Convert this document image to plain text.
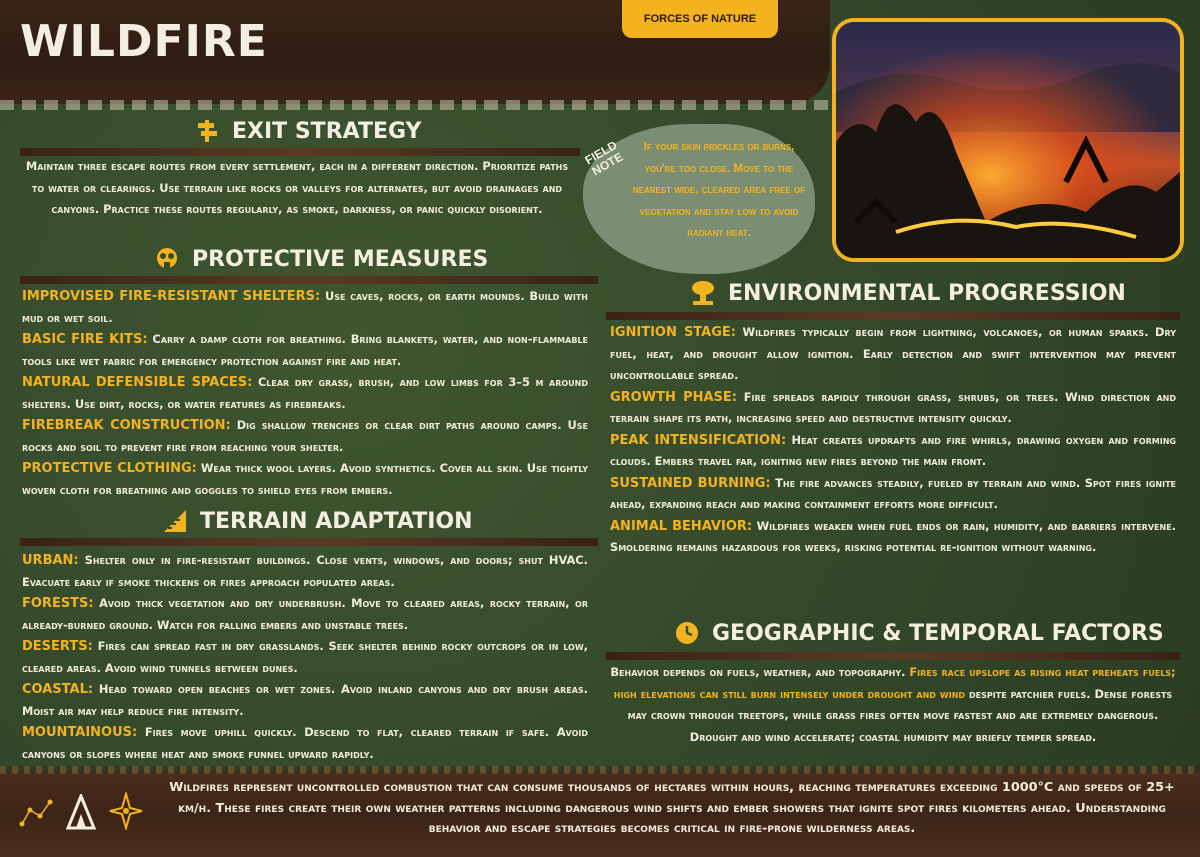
WILDFIRE	FORCES OF NATURE
EXIT STRATEGY
Maintain three escape routes from every settlement, each in a different direction. Prioritize paths to water or clearings. Use terrain like rocks or valleys for alternates, but avoid drainages and canyons. Practice these routes regularly, as smoke, darkness, or panic quickly disorient.
FIELD NOTE
If your skin prickles or burns, you're too close. Move to the nearest wide, cleared area free of vegetation and stay low to avoid radiant heat.
PROTECTIVE MEASURES

IMPROVISED FIRE-RESISTANT SHELTERS: Use caves, rocks, or earth mounds. Build with mud or wet soil.

BASIC FIRE KITS: Carry a damp cloth for breathing. Bring blankets, water, and non-flammable tools like wet fabric for emergency protection against fire and heat.

NATURAL DEFENSIBLE SPACES: Clear dry grass, brush, and low limbs for 3–5 m around shelters. Use dirt, rocks, or water features as firebreaks.

FIREBREAK CONSTRUCTION: Dig shallow trenches or clear dirt paths around camps. Use rocks and soil to prevent fire from reaching your shelter.

PROTECTIVE CLOTHING: Wear thick wool layers. Avoid synthetics. Cover all skin. Use tightly woven cloth for breathing and goggles to shield eyes from embers.

TERRAIN ADAPTATION

URBAN: Shelter only in fire-resistant buildings. Close vents, windows, and doors; shut HVAC. Evacuate early if smoke thickens or fires approach populated areas.

FORESTS: Avoid thick vegetation and dry underbrush. Move to cleared areas, rocky terrain, or already-burned ground. Watch for falling embers and unstable trees.

DESERTS: Fires can spread fast in dry grasslands. Seek shelter behind rocky outcrops or in low, cleared areas. Avoid wind tunnels between dunes.

COASTAL: Head toward open beaches or wet zones. Avoid inland canyons and dry brush areas. Moist air may help reduce fire intensity.

MOUNTAINOUS: Fires move uphill quickly. Descend to flat, cleared terrain if safe. Avoid canyons or slopes where heat and smoke funnel upward rapidly.

ENVIRONMENTAL PROGRESSION

IGNITION STAGE: Wildfires typically begin from lightning, volcanoes, or human sparks. Dry fuel, heat, and drought allow ignition. Early detection and swift intervention may prevent uncontrollable spread.

GROWTH PHASE: Fire spreads rapidly through grass, shrubs, or trees. Wind direction and terrain shape its path, increasing speed and destructive intensity quickly.

PEAK INTENSIFICATION: Heat creates updrafts and fire whirls, drawing oxygen and forming clouds. Embers travel far, igniting new fires beyond the main front.

SUSTAINED BURNING: The fire advances steadily, fueled by terrain and wind. Spot fires ignite ahead, expanding reach and making containment efforts more difficult.

ANIMAL BEHAVIOR: Wildfires weaken when fuel ends or rain, humidity, and barriers intervene. Smoldering remains hazardous for weeks, risking potential re-ignition without warning.

GEOGRAPHIC & TEMPORAL FACTORS
Behavior depends on fuels, weather, and topography. Fires race upslope as rising heat preheats fuels; high elevations can still burn intensely under drought and wind despite patchier fuels. Dense forests may crown through treetops, while grass fires often move fastest and are extremely dangerous. Drought and wind accelerate; coastal humidity may briefly temper spread.
Wildfires represent uncontrolled combustion that can consume thousands of hectares within hours, reaching temperatures exceeding 1000°C and speeds of 25+ km/h. These fires create their own weather patterns including dangerous wind shifts and ember showers that ignite spot fires kilometers ahead. Understanding behavior and escape strategies becomes critical in fire-prone wilderness areas.
